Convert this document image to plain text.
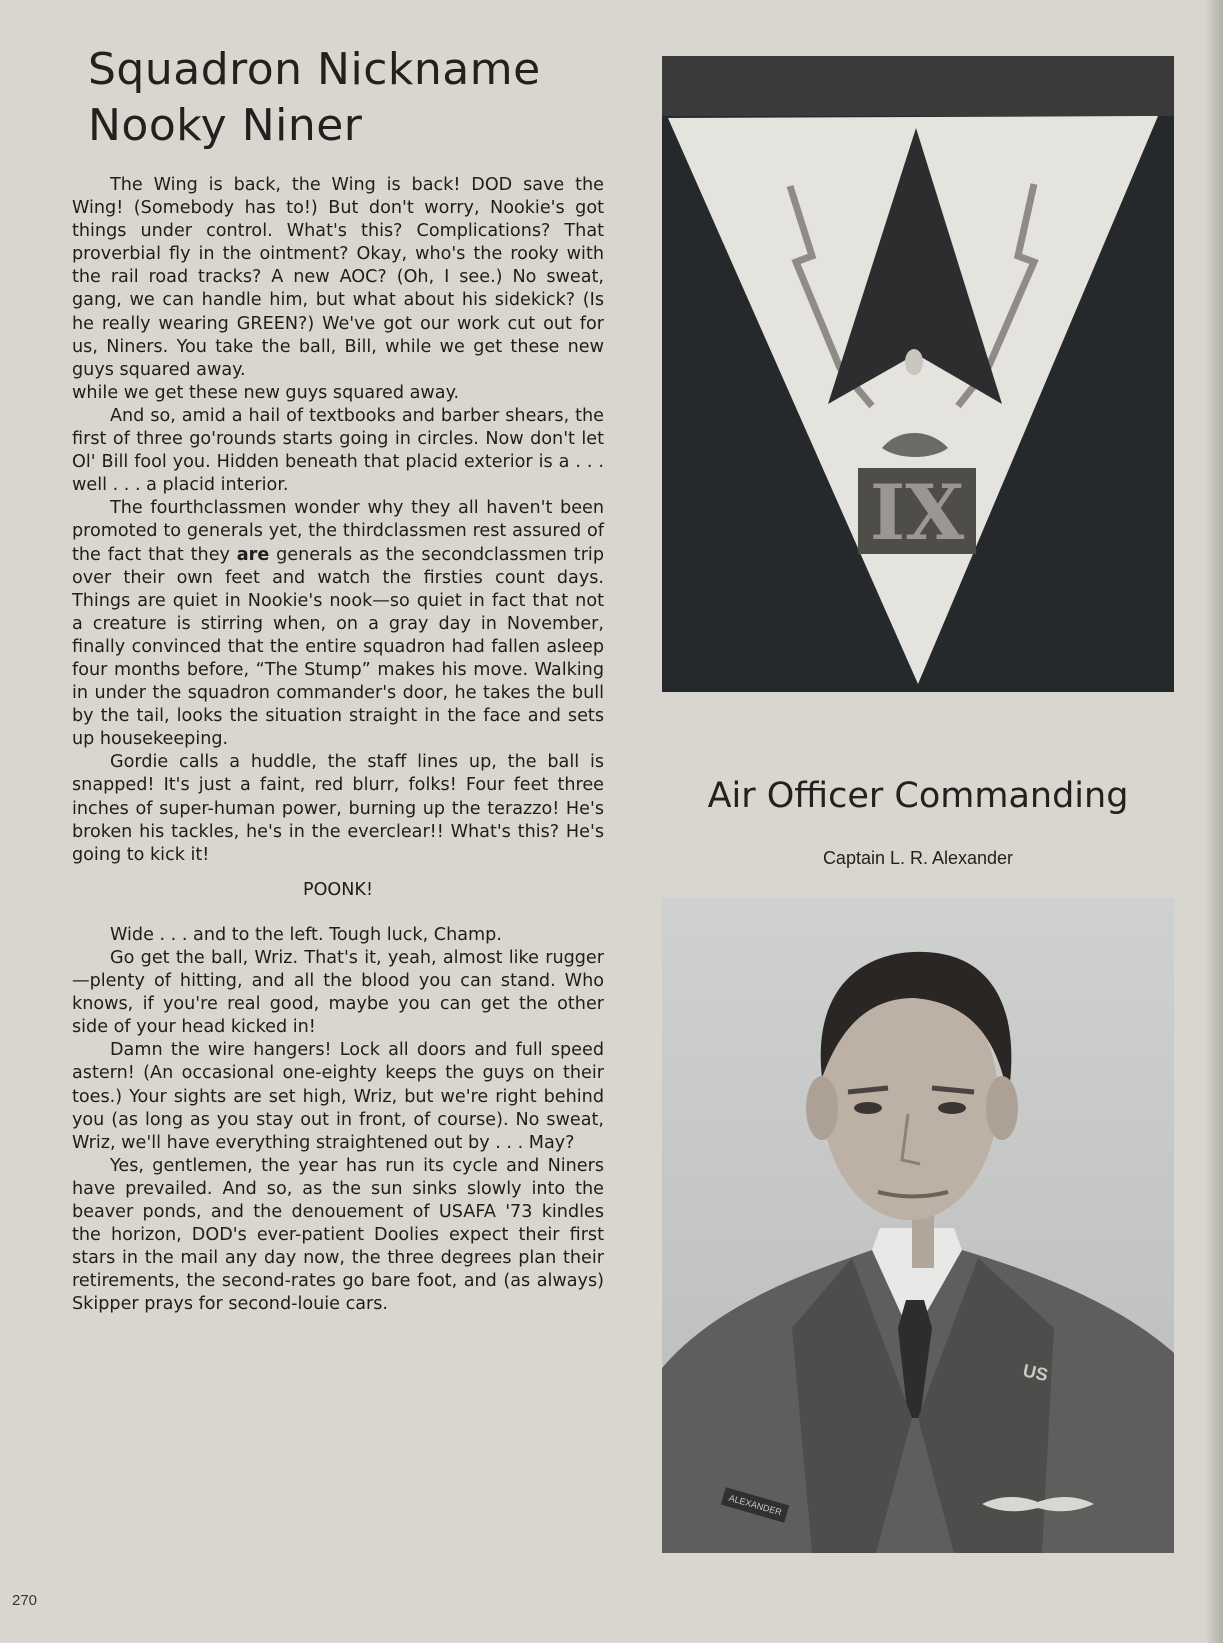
Squadron Nickname
Nooky Niner

The Wing is back, the Wing is back! DOD save the Wing! (Somebody has to!) But don't worry, Nookie's got things under control. What's this? Complications? That proverbial fly in the ointment? Okay, who's the rooky with the rail road tracks? A new AOC? (Oh, I see.) No sweat, gang, we can handle him, but what about his sidekick? (Is he really wearing GREEN?) We've got our work cut out for us, Niners. You take the ball, Bill, while we get these new guys squared away.

while we get these new guys squared away.

And so, amid a hail of textbooks and barber shears, the first of three go'rounds starts going in circles. Now don't let Ol' Bill fool you. Hidden beneath that placid exterior is a . . . well . . . a placid interior.

The fourthclassmen wonder why they all haven't been promoted to generals yet, the thirdclassmen rest assured of the fact that they are generals as the secondclassmen trip over their own feet and watch the firsties count days. Things are quiet in Nookie's nook—so quiet in fact that not a creature is stirring when, on a gray day in November, finally convinced that the entire squadron had fallen asleep four months before, “The Stump” makes his move. Walking in under the squadron commander's door, he takes the bull by the tail, looks the situation straight in the face and sets up housekeeping.

Gordie calls a huddle, the staff lines up, the ball is snapped! It's just a faint, red blurr, folks! Four feet three inches of super-human power, burning up the terazzo! He's broken his tackles, he's in the everclear!! What's this? He's going to kick it!

POONK!

Wide . . . and to the left. Tough luck, Champ.

Go get the ball, Wriz. That's it, yeah, almost like rugger—plenty of hitting, and all the blood you can stand. Who knows, if you're real good, maybe you can get the other side of your head kicked in!

Damn the wire hangers! Lock all doors and full speed astern! (An occasional one-eighty keeps the guys on their toes.) Your sights are set high, Wriz, but we're right behind you (as long as you stay out in front, of course). No sweat, Wriz, we'll have everything straightened out by . . . May?

Yes, gentlemen, the year has run its cycle and Niners have prevailed. And so, as the sun sinks slowly into the beaver ponds, and the denouement of USAFA '73 kindles the horizon, DOD's ever-patient Doolies expect their first stars in the mail any day now, the three degrees plan their retirements, the second-rates go bare foot, and (as always) Skipper prays for second-louie cars.

IX
Air Officer Commanding
Captain L. R. Alexander
US
ALEXANDER
270
